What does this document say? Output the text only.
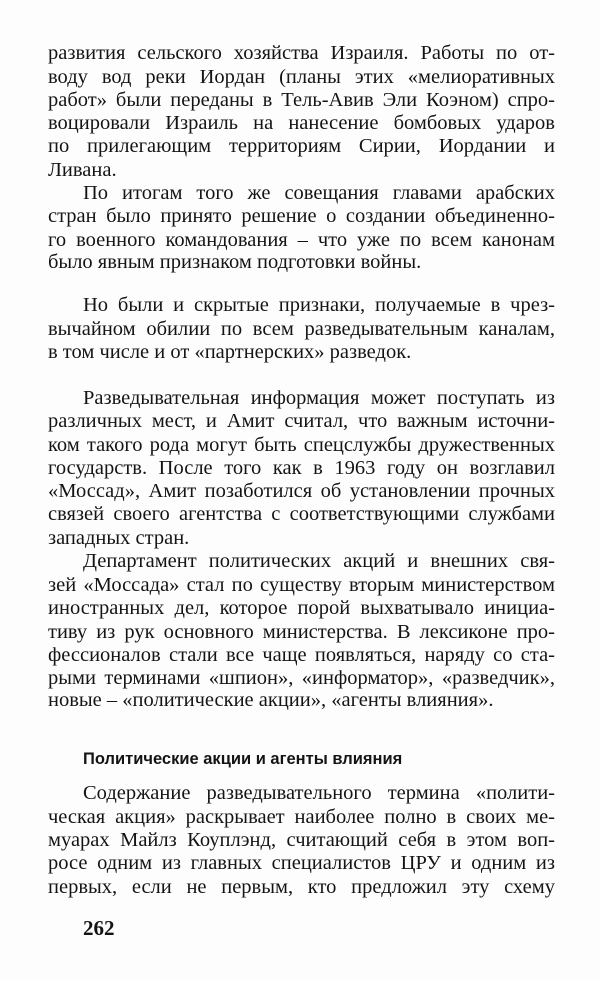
развития сельского хозяйства Израиля. Работы по от-
воду вод реки Иордан (планы этих «мелиоративных
работ» были переданы в Тель-Авив Эли Коэном) спро-
воцировали Израиль на нанесение бомбовых ударов
по прилегающим территориям Сирии, Иордании и
Ливана.
По итогам того же совещания главами арабских
стран было принято решение о создании объединенно-
го военного командования – что уже по всем канонам
было явным признаком подготовки войны.
Но были и скрытые признаки, получаемые в чрез-
вычайном обилии по всем разведывательным каналам,
в том числе и от «партнерских» разведок.
Разведывательная информация может поступать из
различных мест, и Амит считал, что важным источни-
ком такого рода могут быть спецслужбы дружественных
государств. После того как в 1963 году он возглавил
«Моссад», Амит позаботился об установлении прочных
связей своего агентства с соответствующими службами
западных стран.
Департамент политических акций и внешних свя-
зей «Моссада» стал по существу вторым министерством
иностранных дел, которое порой выхватывало инициа-
тиву из рук основного министерства. В лексиконе про-
фессионалов стали все чаще появляться, наряду со ста-
рыми терминами «шпион», «информатор», «разведчик»,
новые – «политические акции», «агенты влияния».
Политические акции и агенты влияния
Содержание разведывательного термина «полити-
ческая акция» раскрывает наиболее полно в своих ме-
муарах Майлз Коуплэнд, считающий себя в этом воп-
росе одним из главных специалистов ЦРУ и одним из
первых, если не первым, кто предложил эту схему
262
